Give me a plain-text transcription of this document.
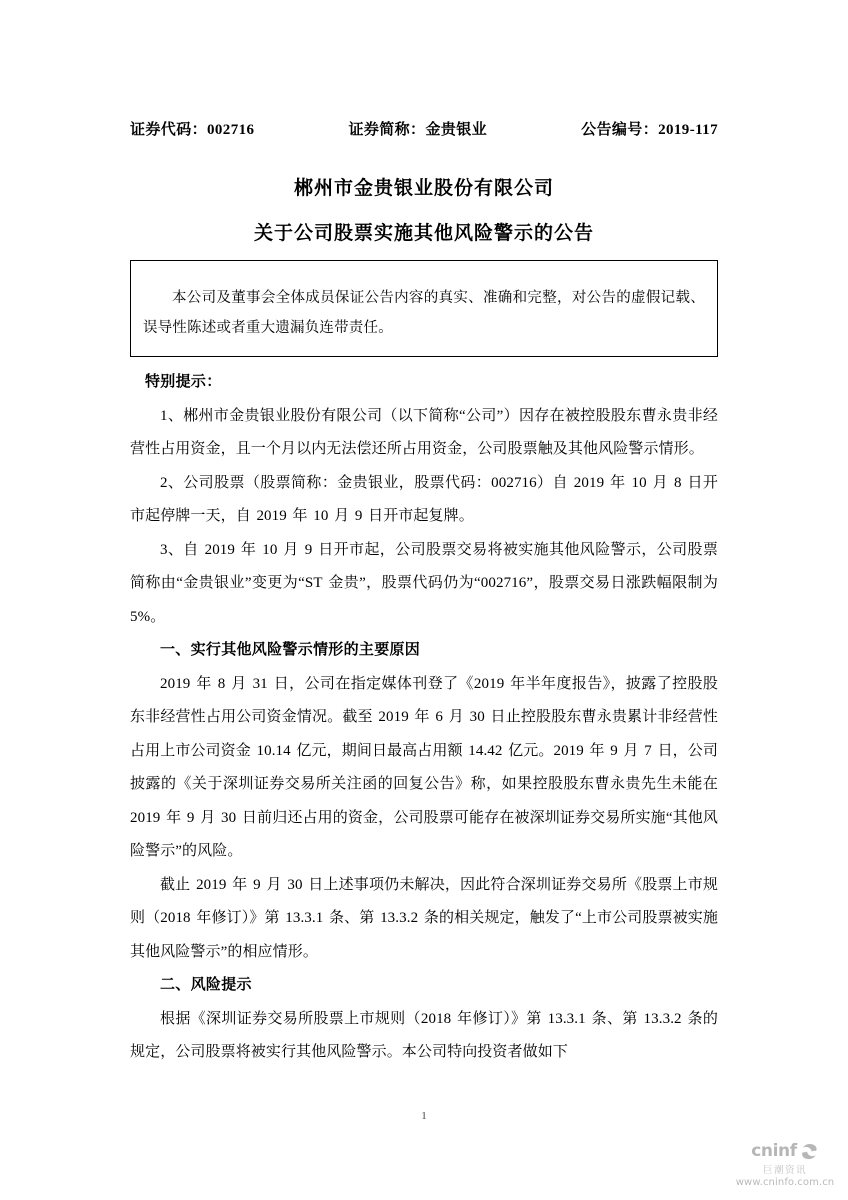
证券代码：002716	证券简称：金贵银业	公告编号：2019-117
郴州市金贵银业股份有限公司
关于公司股票实施其他风险警示的公告
本公司及董事会全体成员保证公告内容的真实、准确和完整，对公告的虚假记载、误导性陈述或者重大遗漏负连带责任。

特别提示：

1、郴州市金贵银业股份有限公司（以下简称“公司”）因存在被控股股东曹永贵非经营性占用资金，且一个月以内无法偿还所占用资金，公司股票触及其他风险警示情形。

2、公司股票（股票简称：金贵银业，股票代码：002716）自 2019 年 10 月 8 日开市起停牌一天，自 2019 年 10 月 9 日开市起复牌。

3、自 2019 年 10 月 9 日开市起，公司股票交易将被实施其他风险警示，公司股票简称由“金贵银业”变更为“ST 金贵”，股票代码仍为“002716”，股票交易日涨跌幅限制为 5%。

一、实行其他风险警示情形的主要原因

2019 年 8 月 31 日，公司在指定媒体刊登了《2019 年半年度报告》，披露了控股股东非经营性占用公司资金情况。截至 2019 年 6 月 30 日止控股股东曹永贵累计非经营性占用上市公司资金 10.14 亿元，期间日最高占用额 14.42 亿元。2019 年 9 月 7 日，公司披露的《关于深圳证券交易所关注函的回复公告》称，如果控股股东曹永贵先生未能在 2019 年 9 月 30 日前归还占用的资金，公司股票可能存在被深圳证券交易所实施“其他风险警示”的风险。

截止 2019 年 9 月 30 日上述事项仍未解决，因此符合深圳证券交易所《股票上市规则（2018 年修订）》第 13.3.1 条、第 13.3.2 条的相关规定，触发了“上市公司股票被实施其他风险警示”的相应情形。

二、风险提示

根据《深圳证券交易所股票上市规则（2018 年修订）》第 13.3.1 条、第 13.3.2 条的规定，公司股票将被实行其他风险警示。本公司特向投资者做如下

1
cninf
巨潮资讯
www.cninfo.com.cn
